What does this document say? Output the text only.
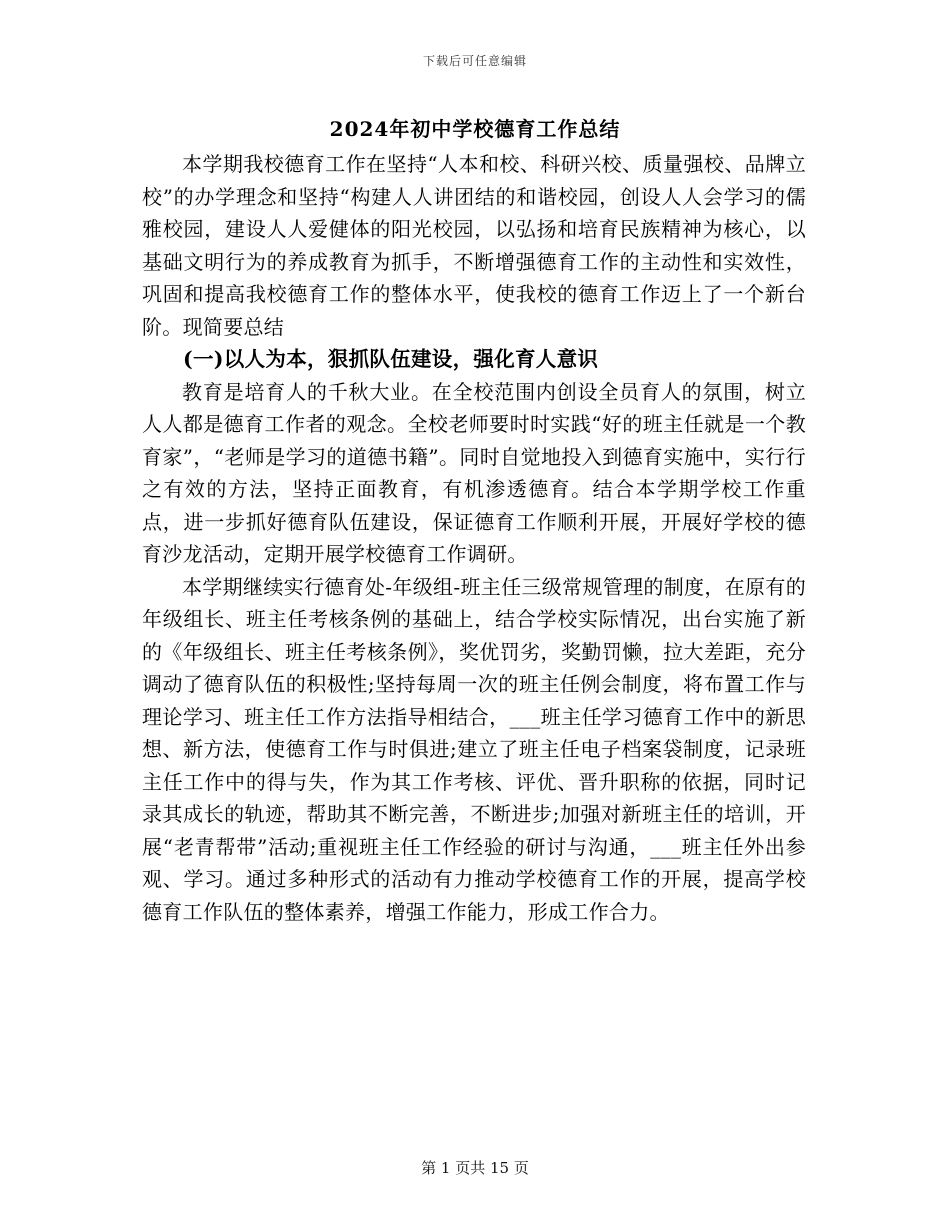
下载后可任意编辑
2024年初中学校德育工作总结

本学期我校德育工作在坚持“人本和校、科研兴校、质量强校、品牌立校”的办学理念和坚持“构建人人讲团结的和谐校园，创设人人会学习的儒雅校园，建设人人爱健体的阳光校园，以弘扬和培育民族精神为核心，以基础文明行为的养成教育为抓手，不断增强德育工作的主动性和实效性，巩固和提高我校德育工作的整体水平，使我校的德育工作迈上了一个新台阶。现简要总结

(一)以人为本，狠抓队伍建设，强化育人意识

教育是培育人的千秋大业。在全校范围内创设全员育人的氛围，树立人人都是德育工作者的观念。全校老师要时时实践“好的班主任就是一个教育家”，“老师是学习的道德书籍”。同时自觉地投入到德育实施中，实行行之有效的方法，坚持正面教育，有机渗透德育。结合本学期学校工作重点，进一步抓好德育队伍建设，保证德育工作顺利开展，开展好学校的德育沙龙活动，定期开展学校德育工作调研。

本学期继续实行德育处-年级组-班主任三级常规管理的制度，在原有的年级组长、班主任考核条例的基础上，结合学校实际情况，出台实施了新的《年级组长、班主任考核条例》，奖优罚劣，奖勤罚懒，拉大差距，充分调动了德育队伍的积极性;坚持每周一次的班主任例会制度，将布置工作与理论学习、班主任工作方法指导相结合，___班主任学习德育工作中的新思想、新方法，使德育工作与时俱进;建立了班主任电子档案袋制度，记录班主任工作中的得与失，作为其工作考核、评优、晋升职称的依据，同时记录其成长的轨迹，帮助其不断完善，不断进步;加强对新班主任的培训，开展“老青帮带”活动;重视班主任工作经验的研讨与沟通，___班主任外出参观、学习。通过多种形式的活动有力推动学校德育工作的开展，提高学校德育工作队伍的整体素养，增强工作能力，形成工作合力。

第 1 页共 15 页
